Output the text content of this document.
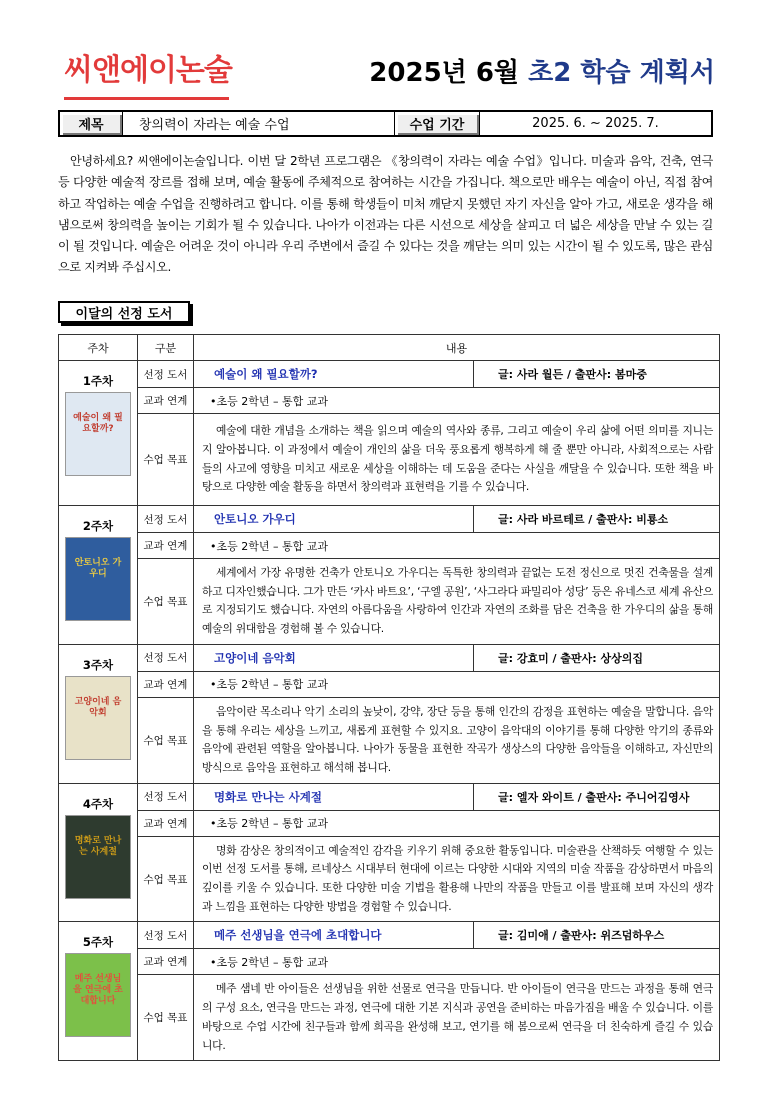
씨앤에이논술	2025년 6월 초2 학습 계획서
제목	창의력이 자라는 예술 수업	수업 기간	2025. 6. ~ 2025. 7.
안녕하세요? 씨앤에이논술입니다. 이번 달 2학년 프로그램은 《창의력이 자라는 예술 수업》입니다. 미술과 음악, 건축, 연극 등 다양한 예술적 장르를 접해 보며, 예술 활동에 주체적으로 참여하는 시간을 가집니다. 책으로만 배우는 예술이 아닌, 직접 참여하고 작업하는 예술 수업을 진행하려고 합니다. 이를 통해 학생들이 미처 깨닫지 못했던 자기 자신을 알아 가고, 새로운 생각을 해냄으로써 창의력을 높이는 기회가 될 수 있습니다. 나아가 이전과는 다른 시선으로 세상을 살피고 더 넓은 세상을 만날 수 있는 길이 될 것입니다. 예술은 어려운 것이 아니라 우리 주변에서 즐길 수 있다는 것을 깨닫는 의미 있는 시간이 될 수 있도록, 많은 관심으로 지켜봐 주십시오.
이달의 선정 도서
주차	구분	내용	

1주차
예술이 왜 필요할까?	선정 도서	예술이 왜 필요할까?	글: 사라 월든 / 출판사: 봄마중
	교과 연계	•초등 2학년 – 통합 교과	
	수업 목표	예술에 대한 개념을 소개하는 책을 읽으며 예술의 역사와 종류, 그리고 예술이 우리 삶에 어떤 의미를 지니는지 알아봅니다. 이 과정에서 예술이 개인의 삶을 더욱 풍요롭게 행복하게 해 줄 뿐만 아니라, 사회적으로는 사람들의 사고에 영향을 미치고 새로운 세상을 이해하는 데 도움을 준다는 사실을 깨달을 수 있습니다. 또한 책을 바탕으로 다양한 예술 활동을 하면서 창의력과 표현력을 기를 수 있습니다.	

2주차
안토니오 가우디	선정 도서	안토니오 가우디	글: 사라 바르테르 / 출판사: 비룡소
	교과 연계	•초등 2학년 – 통합 교과	
	수업 목표	세계에서 가장 유명한 건축가 안토니오 가우디는 독특한 창의력과 끝없는 도전 정신으로 멋진 건축물을 설계하고 디자인했습니다. 그가 만든 ‘카사 바트요’, ‘구엘 공원’, ‘사그라다 파밀리아 성당’ 등은 유네스코 세계 유산으로 지정되기도 했습니다. 자연의 아름다움을 사랑하여 인간과 자연의 조화를 담은 건축을 한 가우디의 삶을 통해 예술의 위대함을 경험해 볼 수 있습니다.	

3주차
고양이네 음악회	선정 도서	고양이네 음악회	글: 강효미 / 출판사: 상상의집
	교과 연계	•초등 2학년 – 통합 교과	
	수업 목표	음악이란 목소리나 악기 소리의 높낮이, 강약, 장단 등을 통해 인간의 감정을 표현하는 예술을 말합니다. 음악을 통해 우리는 세상을 느끼고, 새롭게 표현할 수 있지요. 고양이 음악대의 이야기를 통해 다양한 악기의 종류와 음악에 관련된 역할을 알아봅니다. 나아가 동물을 표현한 작곡가 생상스의 다양한 음악들을 이해하고, 자신만의 방식으로 음악을 표현하고 해석해 봅니다.	

4주차
명화로 만나는 사계절	선정 도서	명화로 만나는 사계절	글: 엘자 와이트 / 출판사: 주니어김영사
	교과 연계	•초등 2학년 – 통합 교과	
	수업 목표	명화 감상은 창의적이고 예술적인 감각을 키우기 위해 중요한 활동입니다. 미술관을 산책하듯 여행할 수 있는 이번 선정 도서를 통해, 르네상스 시대부터 현대에 이르는 다양한 시대와 지역의 미술 작품을 감상하면서 마음의 깊이를 키울 수 있습니다. 또한 다양한 미술 기법을 활용해 나만의 작품을 만들고 이를 발표해 보며 자신의 생각과 느낌을 표현하는 다양한 방법을 경험할 수 있습니다.	

5주차
메주 선생님을 연극에 초대합니다	선정 도서	메주 선생님을 연극에 초대합니다	글: 김미애 / 출판사: 위즈덤하우스
	교과 연계	•초등 2학년 – 통합 교과	
	수업 목표	메주 샘네 반 아이들은 선생님을 위한 선물로 연극을 만듭니다. 반 아이들이 연극을 만드는 과정을 통해 연극의 구성 요소, 연극을 만드는 과정, 연극에 대한 기본 지식과 공연을 준비하는 마음가짐을 배울 수 있습니다. 이를 바탕으로 수업 시간에 친구들과 함께 희곡을 완성해 보고, 연기를 해 봄으로써 연극을 더 친숙하게 즐길 수 있습니다.	
